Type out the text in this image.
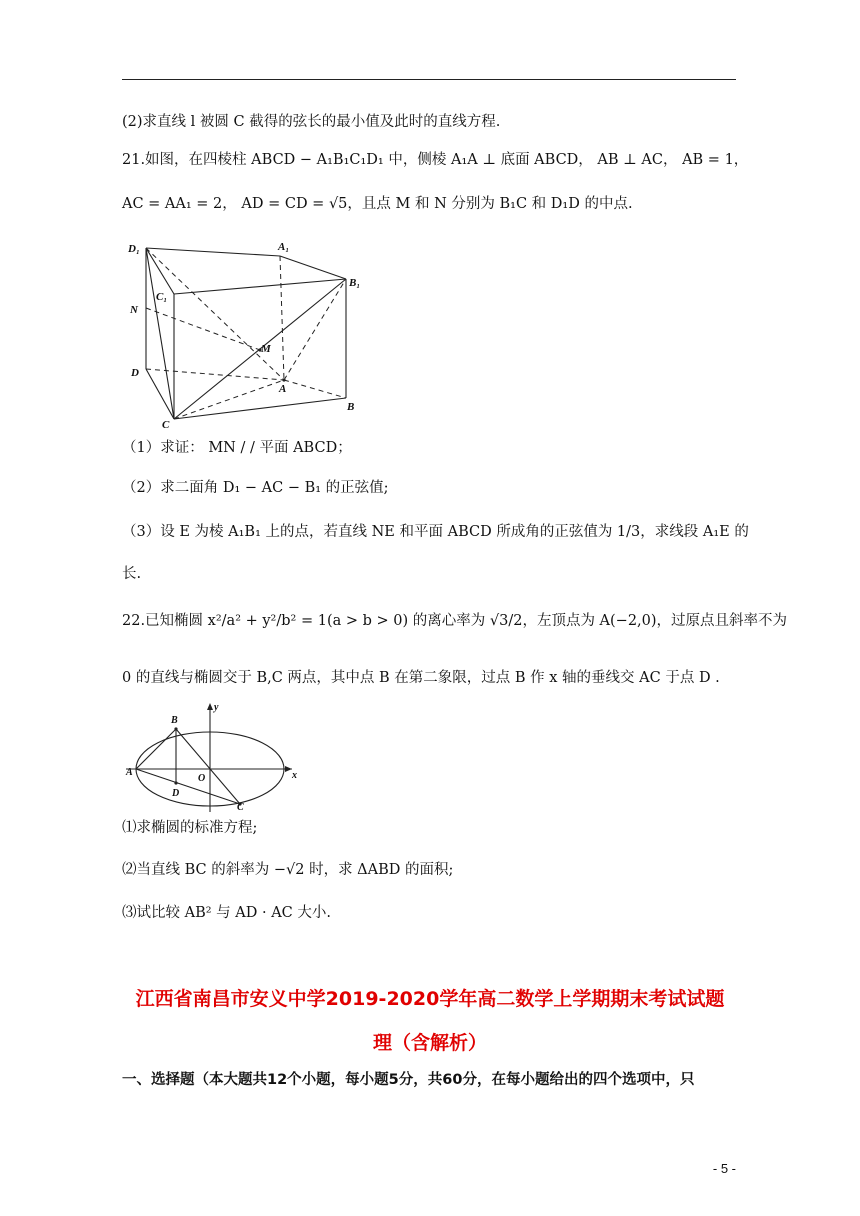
(2)求直线 l 被圆 C 截得的弦长的最小值及此时的直线方程.
21.如图，在四棱柱 ABCD − A₁B₁C₁D₁ 中，侧棱 A₁A ⊥ 底面 ABCD， AB ⊥ AC， AB = 1，
AC = AA₁ = 2， AD = CD = √5，且点 M 和 N 分别为 B₁C 和 D₁D 的中点.
D₁	A₁
B₁
C₁
N
M
D
A
B
C
（1）求证： MN / / 平面 ABCD；
（2）求二面角 D₁ − AC − B₁ 的正弦值;
（3）设 E 为棱 A₁B₁ 上的点，若直线 NE 和平面 ABCD 所成角的正弦值为 1/3，求线段 A₁E 的
长.
22.已知椭圆 x²/a² + y²/b² = 1(a > b > 0) 的离心率为 √3/2，左顶点为 A(−2,0)，过原点且斜率不为
0 的直线与椭圆交于 B,C 两点，其中点 B 在第二象限，过点 B 作 x 轴的垂线交 AC 于点 D .
B
A
D
O
C
x
y
⑴求椭圆的标准方程;
⑵当直线 BC 的斜率为 −√2 时，求 ΔABD 的面积;
⑶试比较 AB² 与 AD · AC 大小.
江西省南昌市安义中学2019-2020学年高二数学上学期期末考试试题
理（含解析）
一、选择题（本大题共12个小题，每小题5分，共60分，在每小题给出的四个选项中，只
- 5 -
